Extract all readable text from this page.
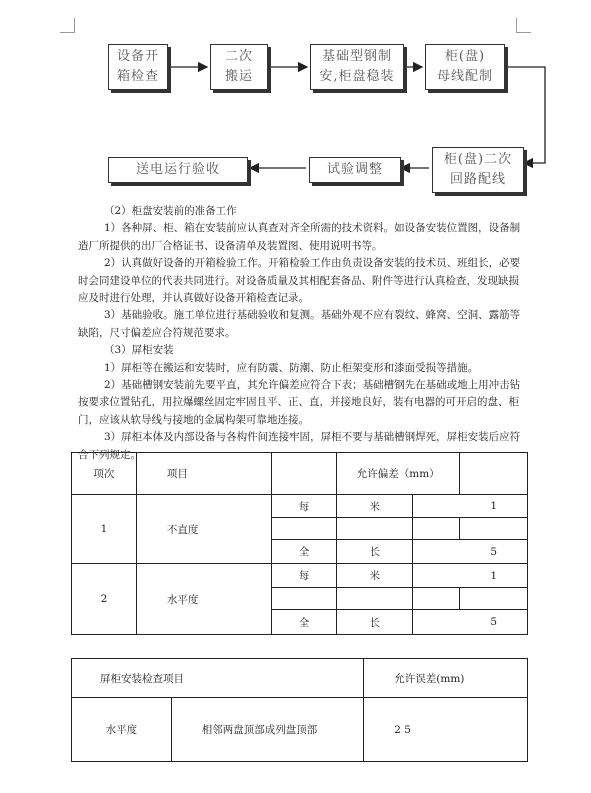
设备开
箱检查
二次
搬运
基础型钢制
安,柜盘稳装
柜(盘)
母线配制
柜(盘)二次
回路配线
试验调整
送电运行验收

（2）柜盘安装前的准备工作

1）各种屏、柜、箱在安装前应认真查对齐全所需的技术资料。如设备安装位置图，设备制造厂所提供的出厂合格证书、设备清单及装置图、使用说明书等。

2）认真做好设备的开箱检验工作。开箱检验工作由负责设备安装的技术员、班组长，必要时会同建设单位的代表共同进行。对设备质量及其相配套备品、附件等进行认真检查，发现缺损应及时进行处理，并认真做好设备开箱检查记录。

3）基础验收。施工单位进行基础验收和复测。基础外观不应有裂纹、蜂窝、空洞、露筋等缺陷，尺寸偏差应合符规范要求。

（3）屏柜安装

1）屏柜等在搬运和安装时，应有防震、防潮、防止柜架变形和漆面受损等措施。

2）基础槽钢安装前先要平直，其允许偏差应符合下表；基础槽钢先在基础或地上用冲击钻按要求位置钻孔，用拉爆螺丝固定牢固且平、正、直，并接地良好，装有电器的可开启的盘、柜门，应该从软导线与接地的金属构架可靠地连接。

3）屏柜本体及内部设备与各构件间连接牢固，屏柜不要与基础槽钢焊死，屏柜安装后应符合下列规定。

项次	项目		允许偏差（mm）		
1	不直度	每	米	1	

		全	长	5	
2	水平度	每	米	1	

		全	长	5	
屏柜安装检查项目		允许误差(mm)
水平度	相邻两盘顶部成列盘顶部	2 5
